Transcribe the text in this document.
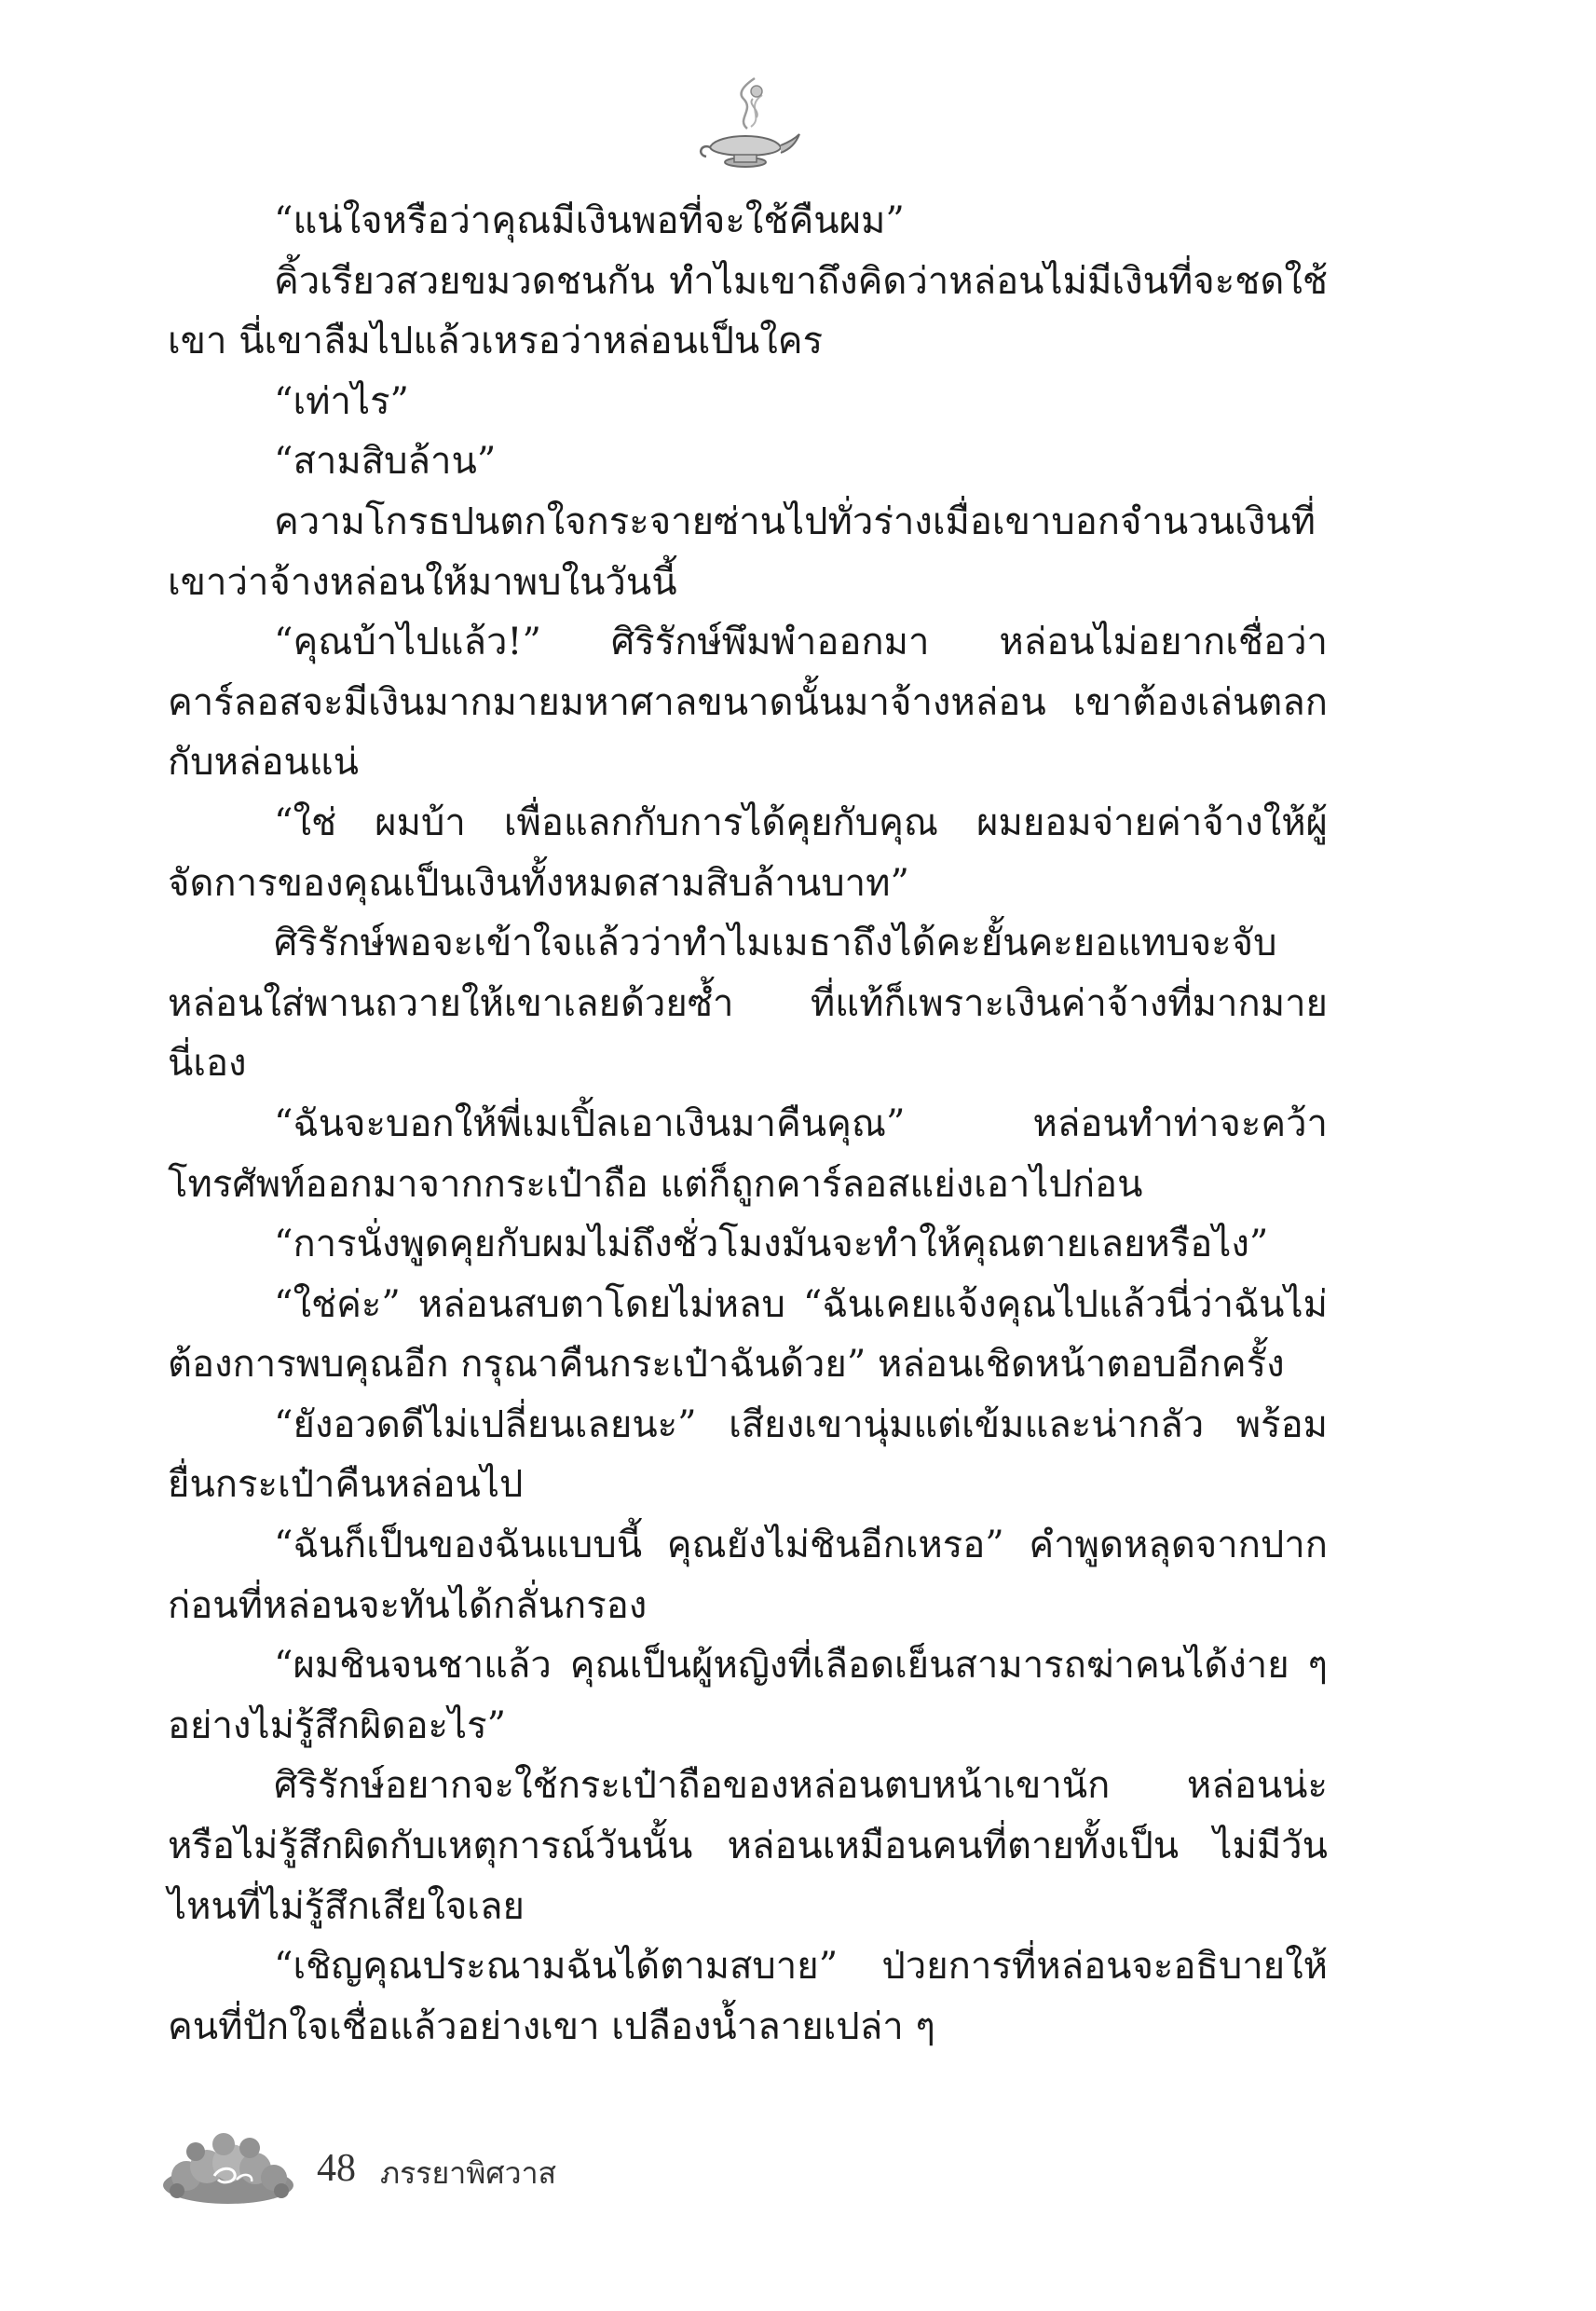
“แน่ใจหรือว่าคุณมีเงินพอที่จะใช้คืนผม”

คิ้วเรียวสวยขมวดชนกัน ทำไมเขาถึงคิดว่าหล่อนไม่มีเงินที่จะชดใช้เขา นี่เขาลืมไปแล้วเหรอว่าหล่อนเป็นใคร

“เท่าไร”

“สามสิบล้าน”

ความโกรธปนตกใจกระจายซ่านไปทั่วร่างเมื่อเขาบอกจำนวนเงินที่เขาว่าจ้างหล่อนให้มาพบในวันนี้

“คุณบ้าไปแล้ว!” ศิริรักษ์พึมพำออกมา หล่อนไม่อยากเชื่อว่าคาร์ลอสจะมีเงินมากมายมหาศาลขนาดนั้นมาจ้างหล่อน เขาต้องเล่นตลกกับหล่อนแน่

“ใช่ ผมบ้า เพื่อแลกกับการได้คุยกับคุณ ผมยอมจ่ายค่าจ้างให้ผู้จัดการของคุณเป็นเงินทั้งหมดสามสิบล้านบาท”

ศิริรักษ์พอจะเข้าใจแล้วว่าทำไมเมธาถึงได้คะยั้นคะยอแทบจะจับหล่อนใส่พานถวายให้เขาเลยด้วยซ้ำ ที่แท้ก็เพราะเงินค่าจ้างที่มากมายนี่เอง

“ฉันจะบอกให้พี่เมเปิ้ลเอาเงินมาคืนคุณ” หล่อนทำท่าจะคว้าโทรศัพท์ออกมาจากกระเป๋าถือ แต่ก็ถูกคาร์ลอสแย่งเอาไปก่อน

“การนั่งพูดคุยกับผมไม่ถึงชั่วโมงมันจะทำให้คุณตายเลยหรือไง”

“ใช่ค่ะ” หล่อนสบตาโดยไม่หลบ “ฉันเคยแจ้งคุณไปแล้วนี่ว่าฉันไม่ต้องการพบคุณอีก กรุณาคืนกระเป๋าฉันด้วย” หล่อนเชิดหน้าตอบอีกครั้ง

“ยังอวดดีไม่เปลี่ยนเลยนะ” เสียงเขานุ่มแต่เข้มและน่ากลัว พร้อมยื่นกระเป๋าคืนหล่อนไป

“ฉันก็เป็นของฉันแบบนี้ คุณยังไม่ชินอีกเหรอ” คำพูดหลุดจากปากก่อนที่หล่อนจะทันได้กลั่นกรอง

“ผมชินจนชาแล้ว คุณเป็นผู้หญิงที่เลือดเย็นสามารถฆ่าคนได้ง่าย ๆ อย่างไม่รู้สึกผิดอะไร”

ศิริรักษ์อยากจะใช้กระเป๋าถือของหล่อนตบหน้าเขานัก หล่อนน่ะหรือไม่รู้สึกผิดกับเหตุการณ์วันนั้น หล่อนเหมือนคนที่ตายทั้งเป็น ไม่มีวันไหนที่ไม่รู้สึกเสียใจเลย

“เชิญคุณประณามฉันได้ตามสบาย” ป่วยการที่หล่อนจะอธิบายให้คนที่ปักใจเชื่อแล้วอย่างเขา เปลืองน้ำลายเปล่า ๆ

48 ภรรยาพิศวาส
